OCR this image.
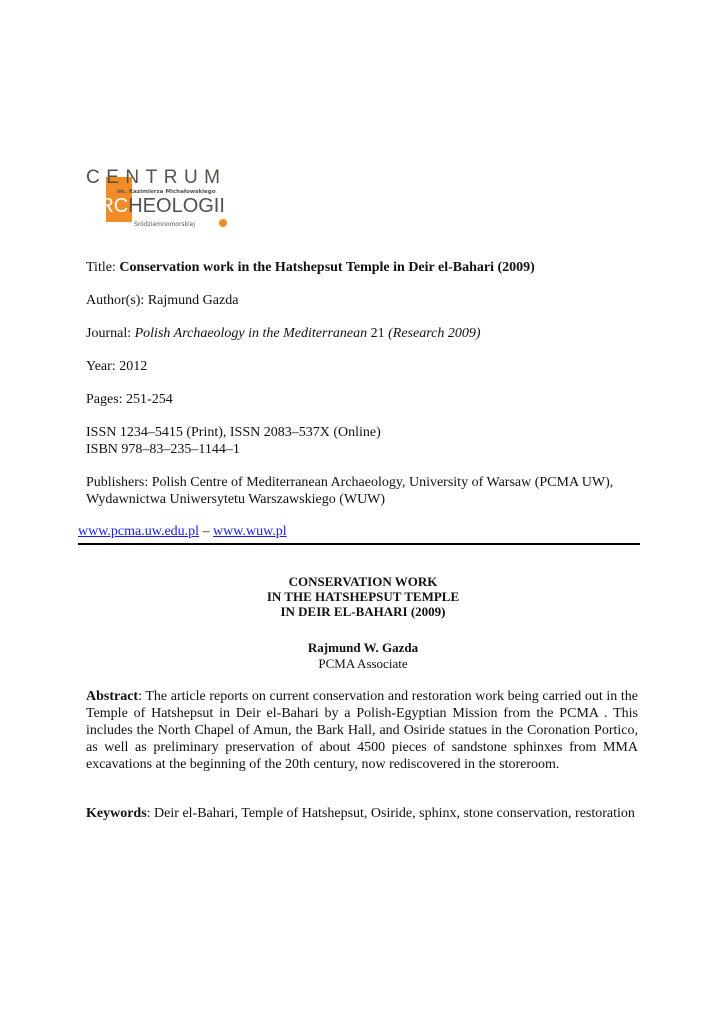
CENTRUM
im. Kazimierza Michałowskiego
ARCHEOLOGII
Śródziemnomorskiej
Title: Conservation work in the Hatshepsut Temple in Deir el-Bahari (2009)
Author(s): Rajmund Gazda
Journal: Polish Archaeology in the Mediterranean 21 (Research 2009)
Year: 2012
Pages: 251-254
ISSN 1234–5415 (Print), ISSN 2083–537X (Online)
ISBN 978–83–235–1144–1
Publishers: Polish Centre of Mediterranean Archaeology, University of Warsaw (PCMA UW),
Wydawnictwa Uniwersytetu Warszawskiego (WUW)
www.pcma.uw.edu.pl – www.wuw.pl
CONSERVATION WORK
IN THE HATSHEPSUT TEMPLE
IN DEIR EL-BAHARI (2009)
Rajmund W. Gazda
PCMA Associate
Abstract: The article reports on current conservation and restoration work being carried out in the Temple of Hatshepsut in Deir el-Bahari by a Polish-Egyptian Mission from the PCMA . This includes the North Chapel of Amun, the Bark Hall, and Osiride statues in the Coronation Portico, as well as preliminary preservation of about 4500 pieces of sandstone sphinxes from MMA excavations at the beginning of the 20th century, now rediscovered in the storeroom.
Keywords: Deir el-Bahari, Temple of Hatshepsut, Osiride, sphinx, stone conservation, restoration
